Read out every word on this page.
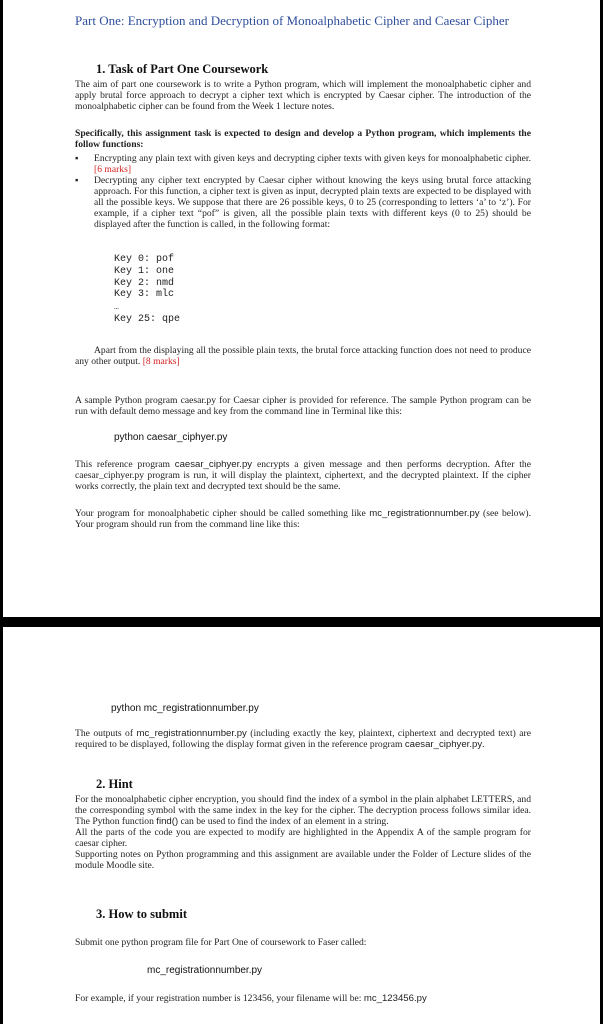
Part One: Encryption and Decryption of Monoalphabetic Cipher and Caesar Cipher
1. Task of Part One Coursework

The aim of part one coursework is to write a Python program, which will implement the monoalphabetic cipher and apply brutal force approach to decrypt a cipher text which is encrypted by Caesar cipher. The introduction of the monoalphabetic cipher can be found from the Week 1 lecture notes.

Specifically, this assignment task is expected to design and develop a Python program, which implements the follow functions:

▪	Encrypting any plain text with given keys and decrypting cipher texts with given keys for monoalphabetic cipher. [6 marks]
▪	Decrypting any cipher text encrypted by Caesar cipher without knowing the keys using brutal force attacking approach. For this function, a cipher text is given as input, decrypted plain texts are expected to be displayed with all the possible keys. We suppose that there are 26 possible keys, 0 to 25 (corresponding to letters ‘a’ to ‘z’). For example, if a cipher text “pof” is given, all the possible plain texts with different keys (0 to 25) should be displayed after the function is called, in the following format:
Key 0: pof
Key 1: one
Key 2: nmd
Key 3: mlc
…
Key 25: qpe

Apart from the displaying all the possible plain texts, the brutal force attacking function does not need to produce any other output. [8 marks]

A sample Python program caesar.py for Caesar cipher is provided for reference. The sample Python program can be run with default demo message and key from the command line in Terminal like this:

python caesar_ciphyer.py

This reference program caesar_ciphyer.py encrypts a given message and then performs decryption. After the caesar_ciphyer.py program is run, it will display the plaintext, ciphertext, and the decrypted plaintext. If the cipher works correctly, the plain text and decrypted text should be the same.

Your program for monoalphabetic cipher should be called something like mc_registrationnumber.py (see below). Your program should run from the command line like this:

python mc_registrationnumber.py

The outputs of mc_registrationnumber.py (including exactly the key, plaintext, ciphertext and decrypted text) are required to be displayed, following the display format given in the reference program caesar_ciphyer.py.

2. Hint
For the monoalphabetic cipher encryption, you should find the index of a symbol in the plain alphabet LETTERS, and the corresponding symbol with the same index in the key for the cipher. The decryption process follows similar idea. The Python function find() can be used to find the index of an element in a string.
All the parts of the code you are expected to modify are highlighted in the Appendix A of the sample program for caesar cipher.
Supporting notes on Python programming and this assignment are available under the Folder of Lecture slides of the module Moodle site.
3. How to submit

Submit one python program file for Part One of coursework to Faser called:

mc_registrationnumber.py

For example, if your registration number is 123456, your filename will be: mc_123456.py
